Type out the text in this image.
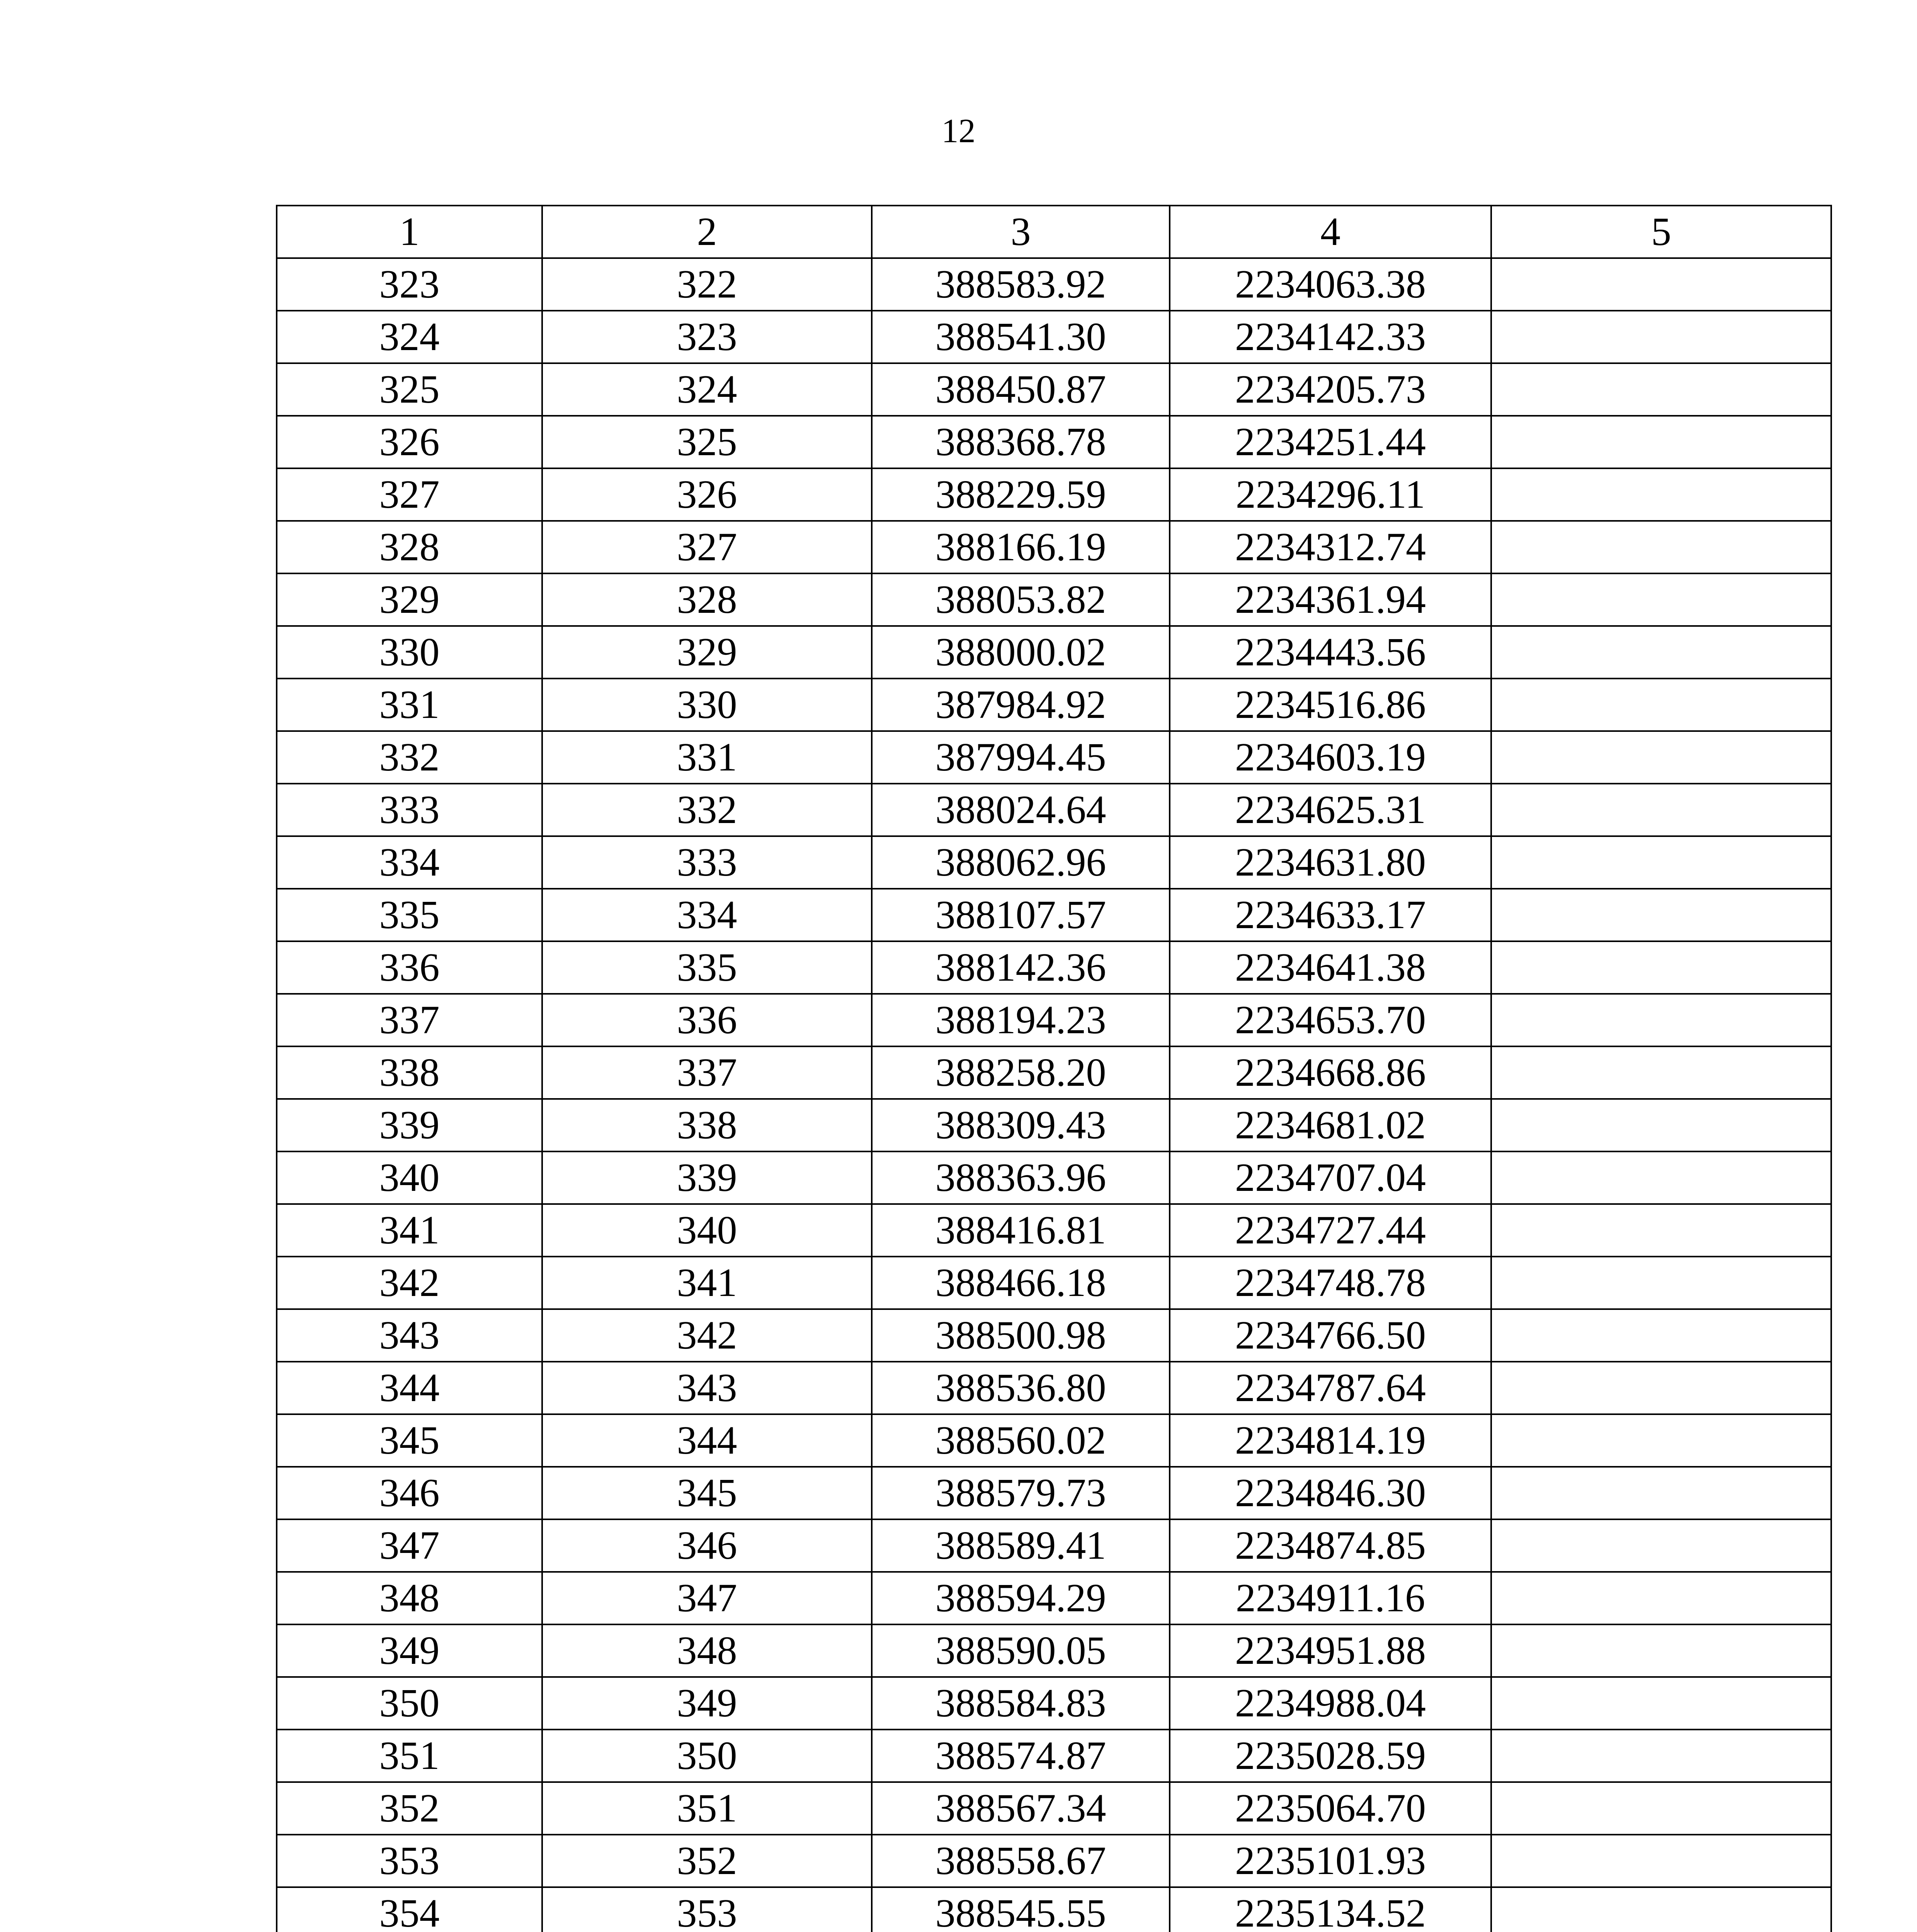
12
1	2	3	4	5
323	322	388583.92	2234063.38	
324	323	388541.30	2234142.33	
325	324	388450.87	2234205.73	
326	325	388368.78	2234251.44	
327	326	388229.59	2234296.11	
328	327	388166.19	2234312.74	
329	328	388053.82	2234361.94	
330	329	388000.02	2234443.56	
331	330	387984.92	2234516.86	
332	331	387994.45	2234603.19	
333	332	388024.64	2234625.31	
334	333	388062.96	2234631.80	
335	334	388107.57	2234633.17	
336	335	388142.36	2234641.38	
337	336	388194.23	2234653.70	
338	337	388258.20	2234668.86	
339	338	388309.43	2234681.02	
340	339	388363.96	2234707.04	
341	340	388416.81	2234727.44	
342	341	388466.18	2234748.78	
343	342	388500.98	2234766.50	
344	343	388536.80	2234787.64	
345	344	388560.02	2234814.19	
346	345	388579.73	2234846.30	
347	346	388589.41	2234874.85	
348	347	388594.29	2234911.16	
349	348	388590.05	2234951.88	
350	349	388584.83	2234988.04	
351	350	388574.87	2235028.59	
352	351	388567.34	2235064.70	
353	352	388558.67	2235101.93	
354	353	388545.55	2235134.52	
